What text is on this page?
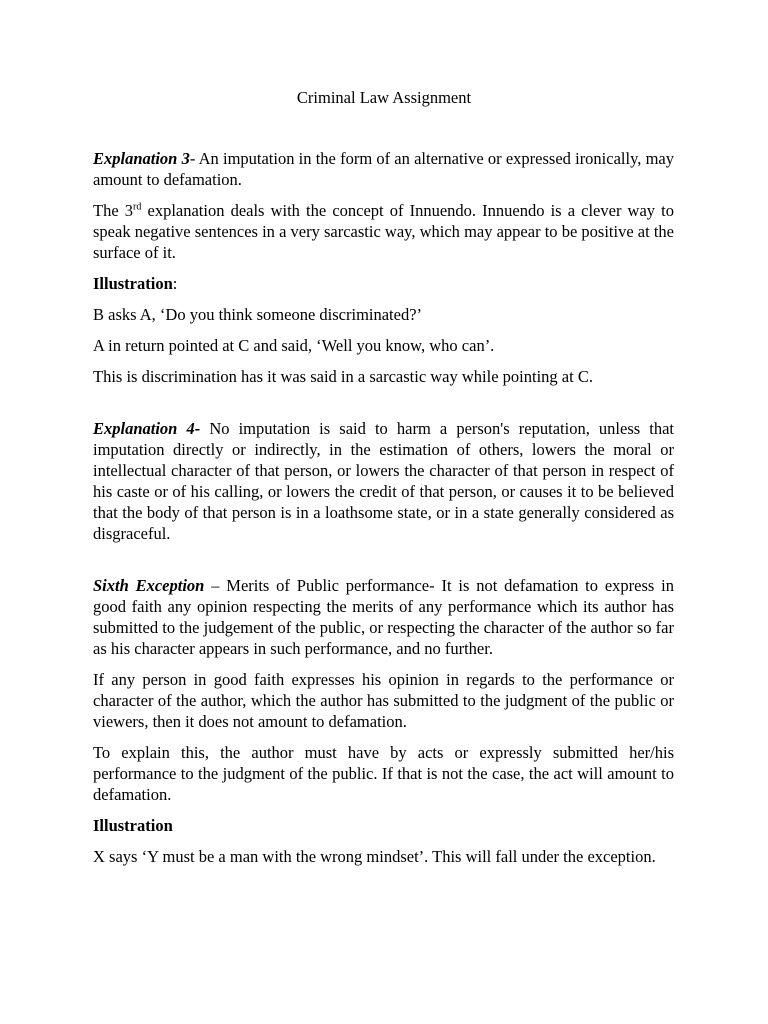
Criminal Law Assignment

Explanation 3- An imputation in the form of an alternative or expressed ironically, may amount to defamation.

The 3rd explanation deals with the concept of Innuendo. Innuendo is a clever way to speak negative sentences in a very sarcastic way, which may appear to be positive at the surface of it.

Illustration:

B asks A, ‘Do you think someone discriminated?’

A in return pointed at C and said, ‘Well you know, who can’.

This is discrimination has it was said in a sarcastic way while pointing at C.

Explanation 4- No imputation is said to harm a person's reputation, unless that imputation directly or indirectly, in the estimation of others, lowers the moral or intellectual character of that person, or lowers the character of that person in respect of his caste or of his calling, or lowers the credit of that person, or causes it to be believed that the body of that person is in a loathsome state, or in a state generally considered as disgraceful.

Sixth Exception – Merits of Public performance- It is not defamation to express in good faith any opinion respecting the merits of any performance which its author has submitted to the judgement of the public, or respecting the character of the author so far as his character appears in such performance, and no further.

If any person in good faith expresses his opinion in regards to the performance or character of the author, which the author has submitted to the judgment of the public or viewers, then it does not amount to defamation.

To explain this, the author must have by acts or expressly submitted her/his performance to the judgment of the public. If that is not the case, the act will amount to defamation.

Illustration

X says ‘Y must be a man with the wrong mindset’. This will fall under the exception.
